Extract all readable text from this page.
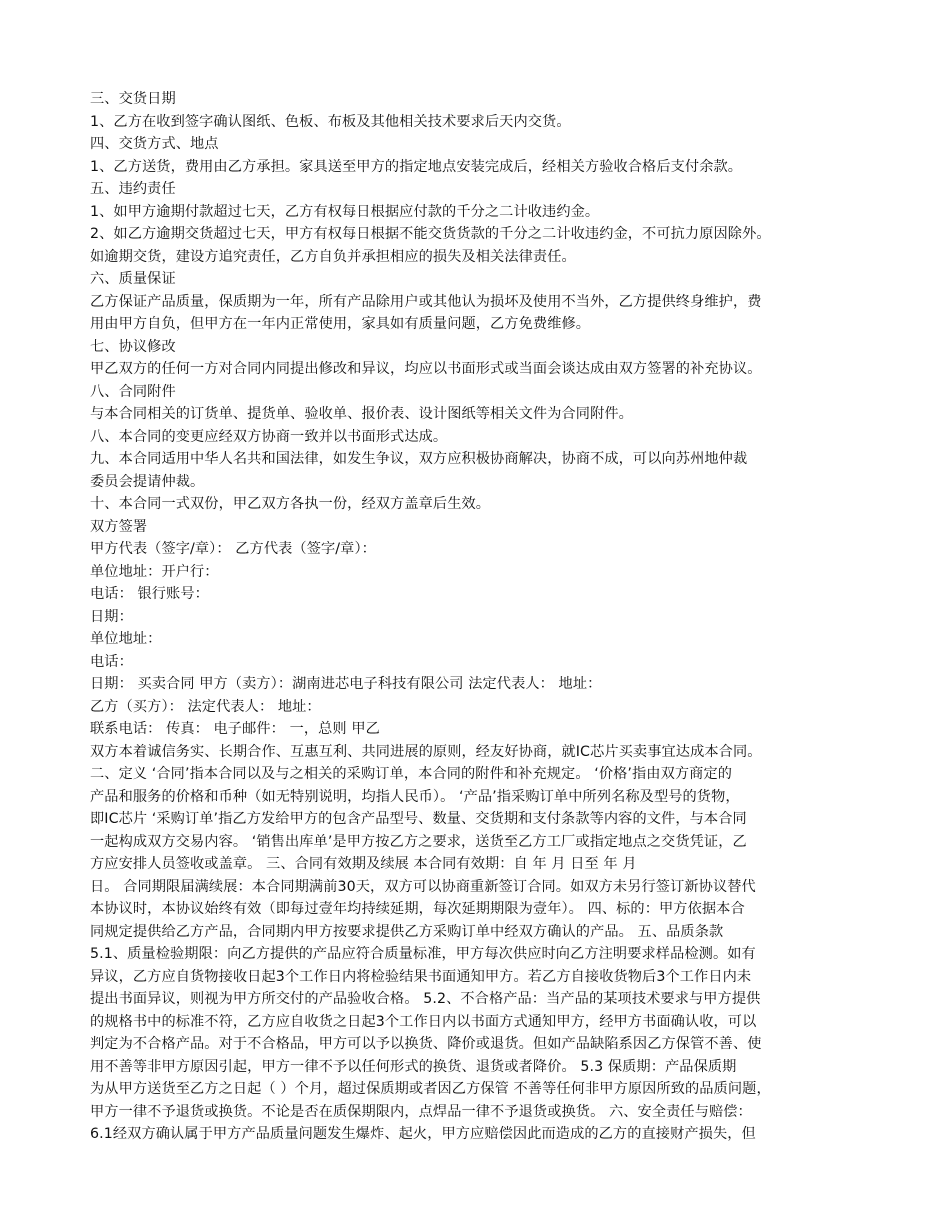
三、交货日期
1、乙方在收到签字确认图纸、色板、布板及其他相关技术要求后天内交货。
四、交货方式、地点
1、乙方送货，费用由乙方承担。家具送至甲方的指定地点安装完成后，经相关方验收合格后支付余款。
五、违约责任
1、如甲方逾期付款超过七天，乙方有权每日根据应付款的千分之二计收违约金。
2、如乙方逾期交货超过七天，甲方有权每日根据不能交货货款的千分之二计收违约金，不可抗力原因除外。
如逾期交货，建设方追究责任，乙方自负并承担相应的损失及相关法律责任。
六、质量保证
乙方保证产品质量，保质期为一年，所有产品除用户或其他认为损坏及使用不当外，乙方提供终身维护，费
用由甲方自负，但甲方在一年内正常使用，家具如有质量问题，乙方免费维修。
七、协议修改
甲乙双方的任何一方对合同内同提出修改和异议，均应以书面形式或当面会谈达成由双方签署的补充协议。
八、合同附件
与本合同相关的订货单、提货单、验收单、报价表、设计图纸等相关文件为合同附件。
八、本合同的变更应经双方协商一致并以书面形式达成。
九、本合同适用中华人名共和国法律，如发生争议，双方应积极协商解决，协商不成，可以向苏州地仲裁
委员会提请仲裁。
十、本合同一式双份，甲乙双方各执一份，经双方盖章后生效。
双方签署
甲方代表（签字/章）： 乙方代表（签字/章）：
单位地址：开户行：
电话： 银行账号：
日期：
单位地址：
电话：
日期： 买卖合同 甲方（卖方）：湖南进芯电子科技有限公司 法定代表人： 地址：
乙方（买方）： 法定代表人： 地址：
联系电话： 传真： 电子邮件： 一，总则 甲乙
双方本着诚信务实、长期合作、互惠互利、共同进展的原则，经友好协商，就IC芯片买卖事宜达成本合同。
二、定义 ‘合同’指本合同以及与之相关的采购订单，本合同的附件和补充规定。 ‘价格’指由双方商定的
产品和服务的价格和币种（如无特别说明，均指人民币）。 ‘产品’指采购订单中所列名称及型号的货物，
即IC芯片 ‘采购订单’指乙方发给甲方的包含产品型号、数量、交货期和支付条款等内容的文件，与本合同
一起构成双方交易内容。 ‘销售出库单’是甲方按乙方之要求，送货至乙方工厂或指定地点之交货凭证，乙
方应安排人员签收或盖章。 三、合同有效期及续展 本合同有效期：自 年 月 日至 年 月
日。 合同期限届满续展：本合同期满前30天，双方可以协商重新签订合同。如双方未另行签订新协议替代
本协议时，本协议始终有效（即每过壹年均持续延期，每次延期期限为壹年）。 四、标的：甲方依据本合
同规定提供给乙方产品，合同期内甲方按要求提供乙方采购订单中经双方确认的产品。 五、品质条款
5.1、质量检验期限：向乙方提供的产品应符合质量标准，甲方每次供应时向乙方注明要求样品检测。如有
异议，乙方应自货物接收日起3个工作日内将检验结果书面通知甲方。若乙方自接收货物后3个工作日内未
提出书面异议，则视为甲方所交付的产品验收合格。 5.2、不合格产品：当产品的某项技术要求与甲方提供
的规格书中的标准不符，乙方应自收货之日起3个工作日内以书面方式通知甲方，经甲方书面确认收，可以
判定为不合格产品。对于不合格品，甲方可以予以换货、降价或退货。但如产品缺陷系因乙方保管不善、使
用不善等非甲方原因引起，甲方一律不予以任何形式的换货、退货或者降价。 5.3 保质期：产品保质期
为从甲方送货至乙方之日起（ ）个月，超过保质期或者因乙方保管 不善等任何非甲方原因所致的品质问题，
甲方一律不予退货或换货。不论是否在质保期限内，点焊品一律不予退货或换货。 六、安全责任与赔偿：
6.1经双方确认属于甲方产品质量问题发生爆炸、起火，甲方应赔偿因此而造成的乙方的直接财产损失，但
